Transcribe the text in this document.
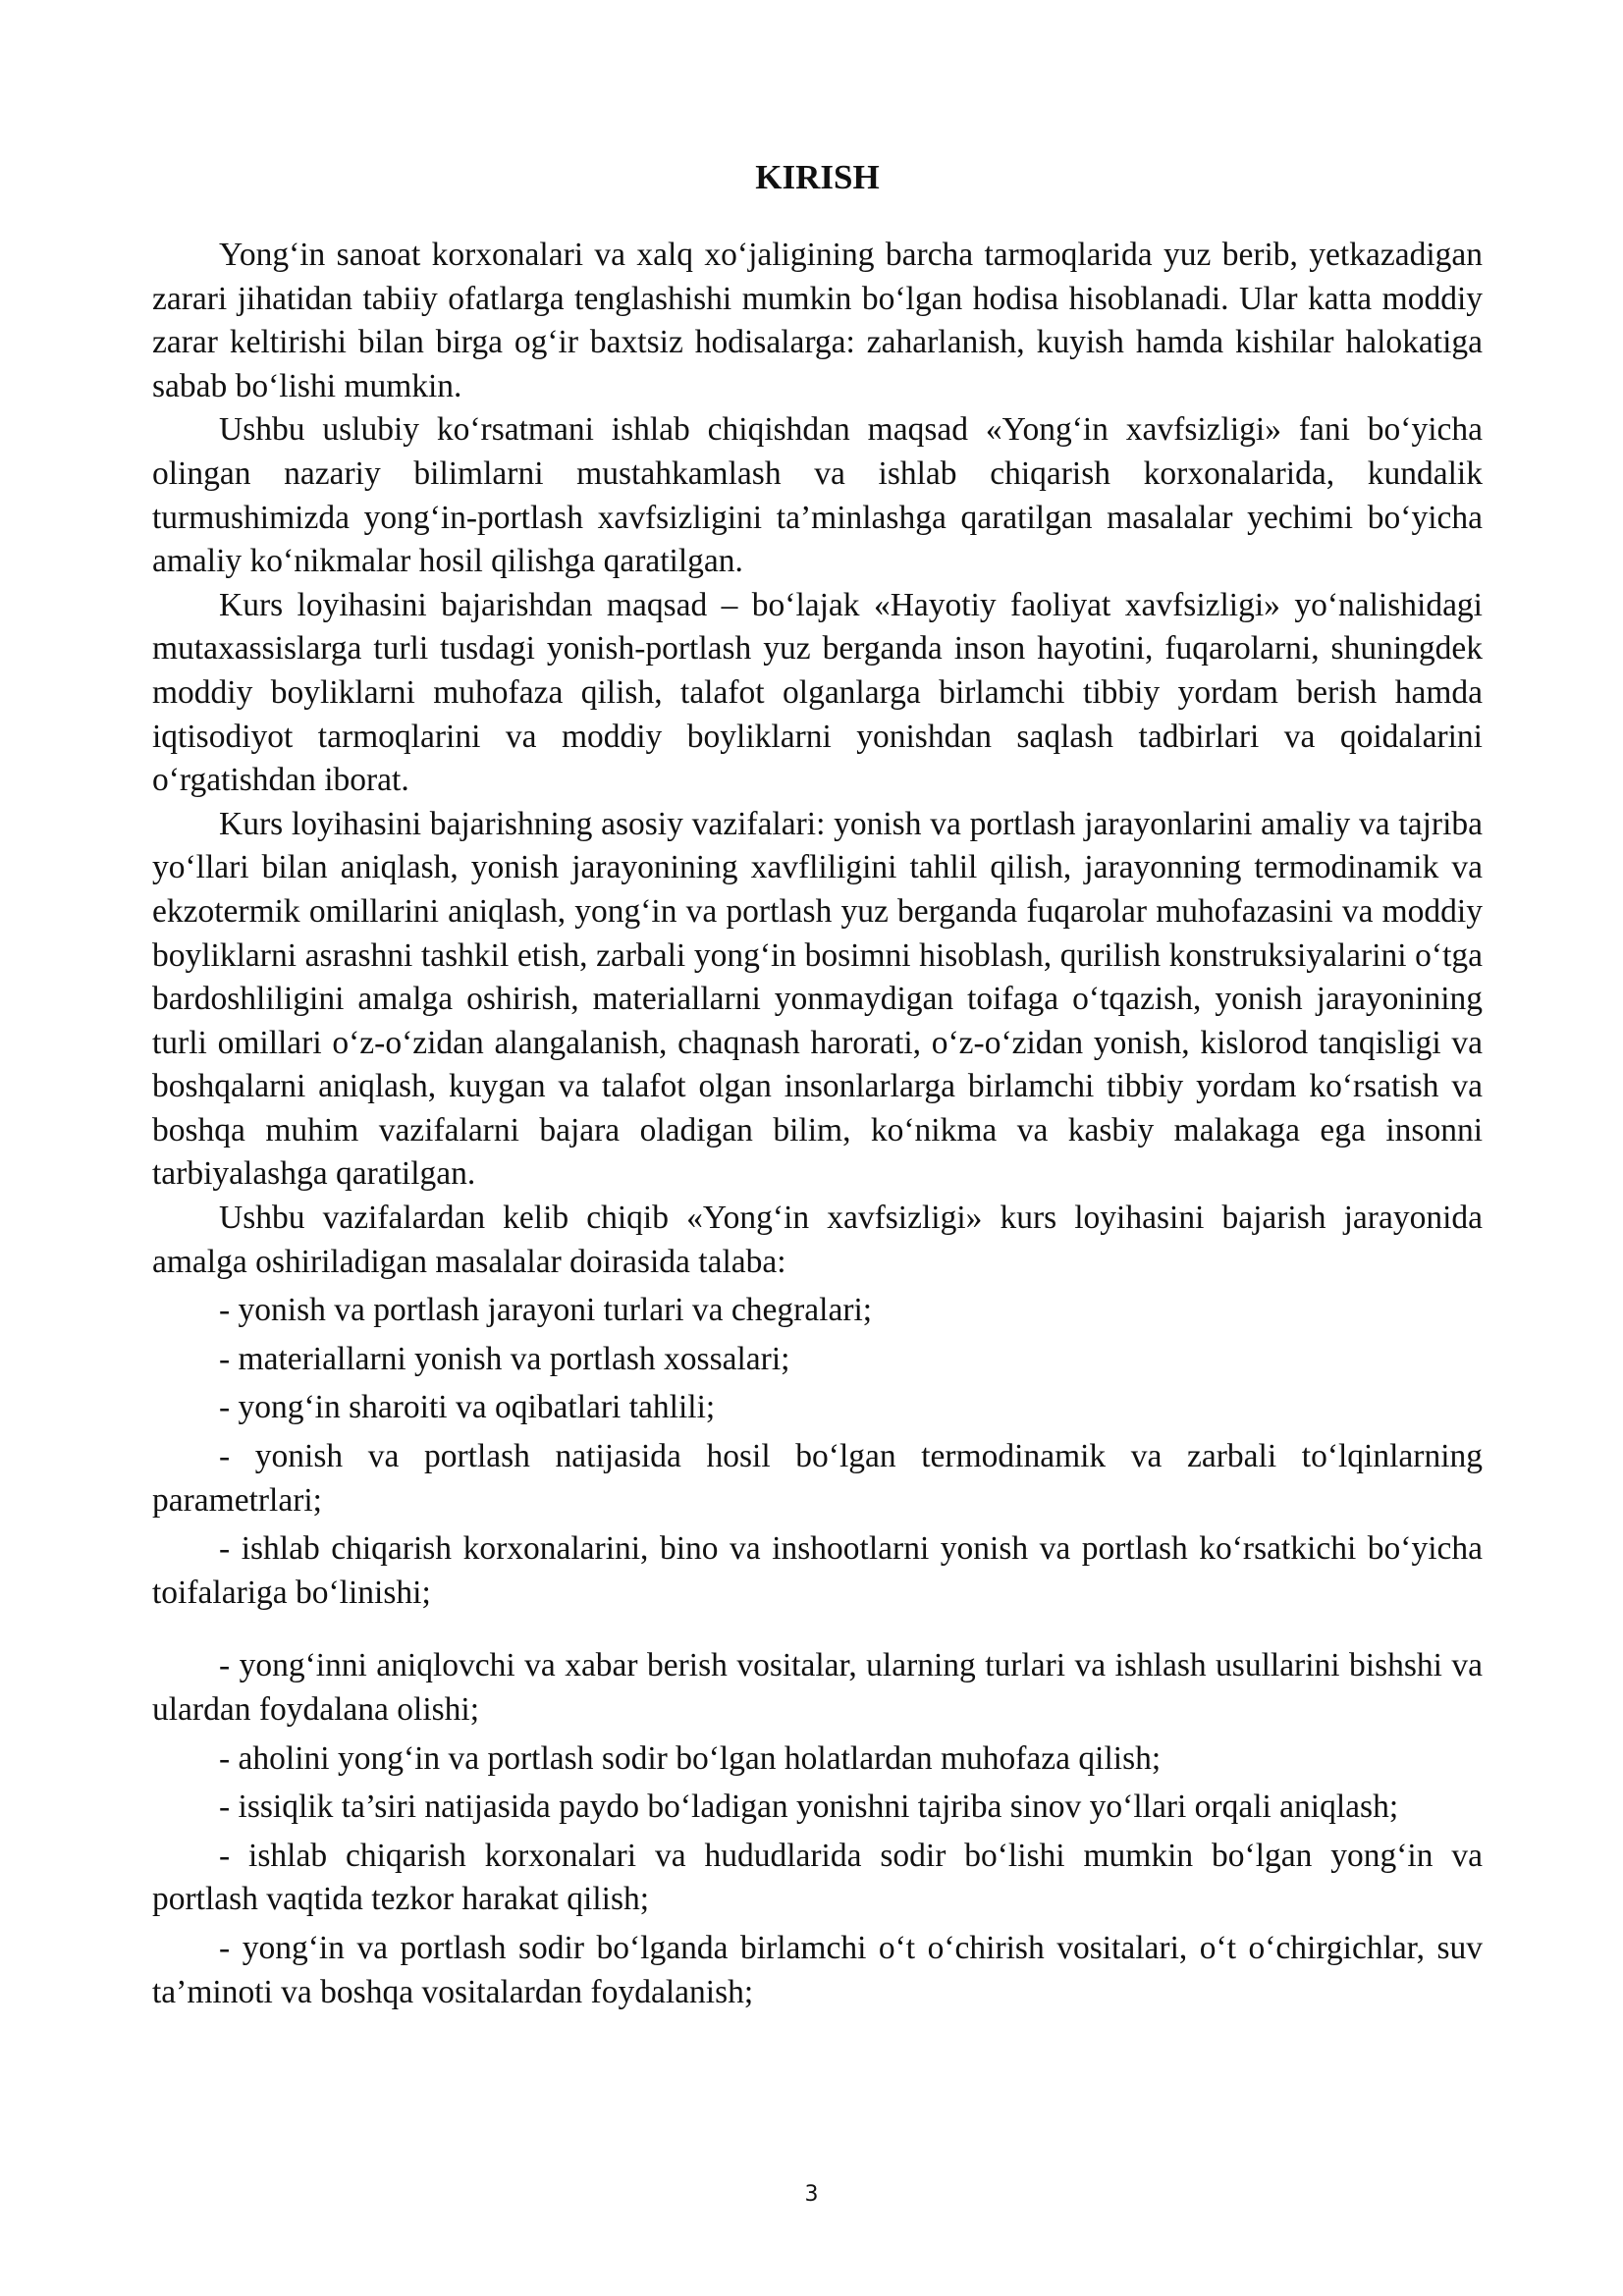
KIRISH

Yong‘in sanoat korxonalari va xalq xo‘jaligining barcha tarmoqlarida yuz berib, yetkazadigan zarari jihatidan tabiiy ofatlarga tenglashishi mumkin bo‘lgan hodisa hisoblanadi. Ular katta moddiy zarar keltirishi bilan birga og‘ir baxtsiz hodisalarga: zaharlanish, kuyish hamda kishilar halokatiga sabab bo‘lishi mumkin.

Ushbu uslubiy ko‘rsatmani ishlab chiqishdan maqsad «Yong‘in xavfsizligi» fani bo‘yicha olingan nazariy bilimlarni mustahkamlash va ishlab chiqarish korxonalarida, kundalik turmushimizda yong‘in-portlash xavfsizligini ta’minlashga qaratilgan masalalar yechimi bo‘yicha amaliy ko‘nikmalar hosil qilishga qaratilgan.

Kurs loyihasini bajarishdan maqsad – bo‘lajak «Hayotiy faoliyat xavfsizligi» yo‘nalishidagi mutaxassislarga turli tusdagi yonish-portlash yuz berganda inson hayotini, fuqarolarni, shuningdek moddiy boyliklarni muhofaza qilish, talafot olganlarga birlamchi tibbiy yordam berish hamda iqtisodiyot tarmoqlarini va moddiy boyliklarni yonishdan saqlash tadbirlari va qoidalarini o‘rgatishdan iborat.

Kurs loyihasini bajarishning asosiy vazifalari: yonish va portlash jarayonlarini amaliy va tajriba yo‘llari bilan aniqlash, yonish jarayonining xavfliligini tahlil qilish, jarayonning termodinamik va ekzotermik omillarini aniqlash, yong‘in va portlash yuz berganda fuqarolar muhofazasini va moddiy boyliklarni asrashni tashkil etish, zarbali yong‘in bosimni hisoblash, qurilish konstruksiyalarini o‘tga bardoshliligini amalga oshirish, materiallarni yonmaydigan toifaga o‘tqazish, yonish jarayonining turli omillari o‘z-o‘zidan alangalanish, chaqnash harorati, o‘z-o‘zidan yonish, kislorod tanqisligi va boshqalarni aniqlash, kuygan va talafot olgan insonlarlarga birlamchi tibbiy yordam ko‘rsatish va boshqa muhim vazifalarni bajara oladigan bilim, ko‘nikma va kasbiy malakaga ega insonni tarbiyalashga qaratilgan.

Ushbu vazifalardan kelib chiqib «Yong‘in xavfsizligi» kurs loyihasini bajarish jarayonida amalga oshiriladigan masalalar doirasida talaba:

- yonish va portlash jarayoni turlari va chegralari;
- materiallarni yonish va portlash xossalari;
- yong‘in sharoiti va oqibatlari tahlili;
- yonish va portlash natijasida hosil bo‘lgan termodinamik va zarbali to‘lqinlarning parametrlari;
- ishlab chiqarish korxonalarini, bino va inshootlarni yonish va portlash ko‘rsatkichi bo‘yicha toifalariga bo‘linishi;
- yong‘inni aniqlovchi va xabar berish vositalar, ularning turlari va ishlash usullarini bishshi va ulardan foydalana olishi;
- aholini yong‘in va portlash sodir bo‘lgan holatlardan muhofaza qilish;
- issiqlik ta’siri natijasida paydo bo‘ladigan yonishni tajriba sinov yo‘llari orqali aniqlash;
- ishlab chiqarish korxonalari va hududlarida sodir bo‘lishi mumkin bo‘lgan yong‘in va portlash vaqtida tezkor harakat qilish;
- yong‘in va portlash sodir bo‘lganda birlamchi o‘t o‘chirish vositalari, o‘t o‘chirgichlar, suv ta’minoti va boshqa vositalardan foydalanish;
3
